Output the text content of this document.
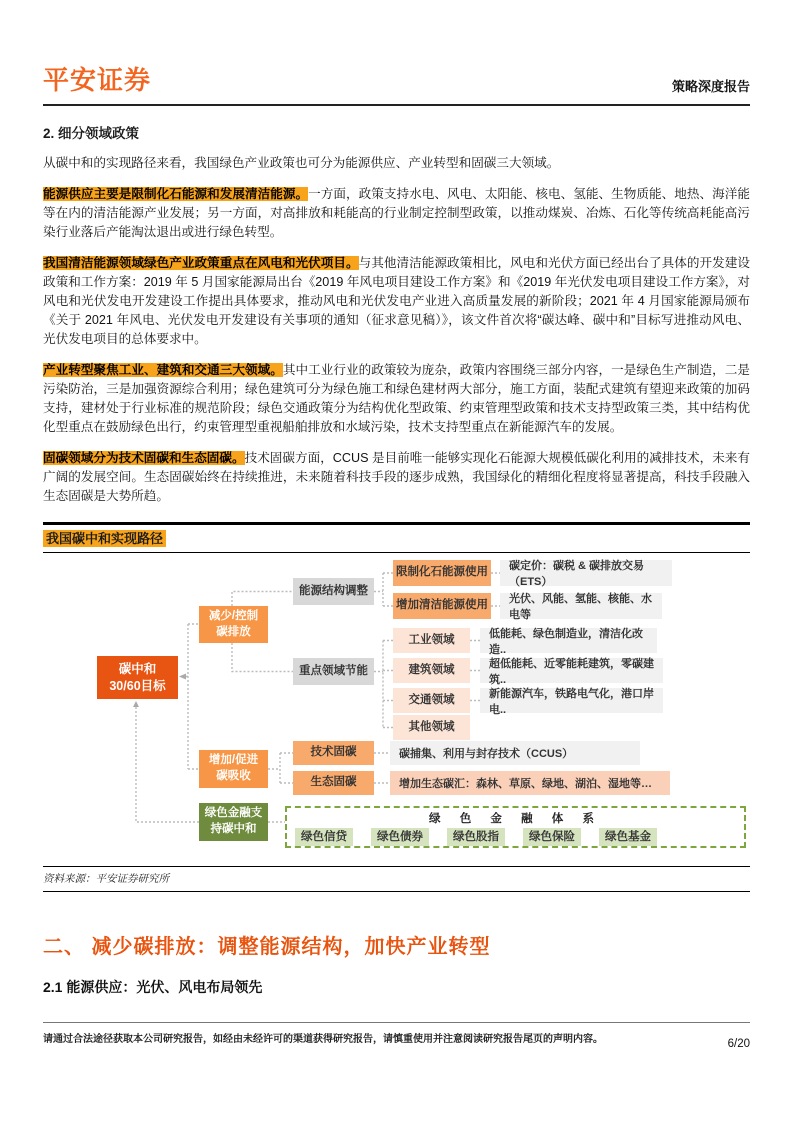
平安证券	策略深度报告
2. 细分领域政策

从碳中和的实现路径来看，我国绿色产业政策也可分为能源供应、产业转型和固碳三大领域。

能源供应主要是限制化石能源和发展清洁能源。一方面，政策支持水电、风电、太阳能、核电、氢能、生物质能、地热、海洋能等在内的清洁能源产业发展；另一方面，对高排放和耗能高的行业制定控制型政策，以推动煤炭、冶炼、石化等传统高耗能高污染行业落后产能淘汰退出或进行绿色转型。

我国清洁能源领域绿色产业政策重点在风电和光伏项目。与其他清洁能源政策相比，风电和光伏方面已经出台了具体的开发建设政策和工作方案：2019 年 5 月国家能源局出台《2019 年风电项目建设工作方案》和《2019 年光伏发电项目建设工作方案》，对风电和光伏发电开发建设工作提出具体要求，推动风电和光伏发电产业进入高质量发展的新阶段；2021 年 4 月国家能源局颁布《关于 2021 年风电、光伏发电开发建设有关事项的通知（征求意见稿）》，该文件首次将“碳达峰、碳中和”目标写进推动风电、光伏发电项目的总体要求中。

产业转型聚焦工业、建筑和交通三大领域。其中工业行业的政策较为庞杂，政策内容围绕三部分内容，一是绿色生产制造，二是污染防治，三是加强资源综合利用；绿色建筑可分为绿色施工和绿色建材两大部分，施工方面，装配式建筑有望迎来政策的加码支持，建材处于行业标准的规范阶段；绿色交通政策分为结构优化型政策、约束管理型政策和技术支持型政策三类，其中结构优化型重点在鼓励绿色出行，约束管理型重视船舶排放和水域污染，技术支持型重点在新能源汽车的发展。

固碳领域分为技术固碳和生态固碳。技术固碳方面，CCUS 是目前唯一能够实现化石能源大规模低碳化利用的减排技术，未来有广阔的发展空间。生态固碳始终在持续推进，未来随着科技手段的逐步成熟，我国绿化的精细化程度将显著提高，科技手段融入生态固碳是大势所趋。

我国碳中和实现路径
碳中和
30/60目标
减少/控制
碳排放
增加/促进
碳吸收
绿色金融支
持碳中和
能源结构调整
重点领域节能
技术固碳
生态固碳
限制化石能源使用
增加清洁能源使用
工业领域
建筑领域
交通领域
其他领域
碳定价：碳税 & 碳排放交易（ETS）
光伏、风能、氢能、核能、水电等
低能耗、绿色制造业，清洁化改造..
超低能耗、近零能耗建筑，零碳建筑..
新能源汽车，铁路电气化，港口岸电..
碳捕集、利用与封存技术（CCUS）
增加生态碳汇：森林、草原、绿地、湖泊、湿地等…
绿 色 金 融 体 系
绿色信贷	绿色债券	绿色股指	绿色保险	绿色基金
资料来源：平安证券研究所
二、 减少碳排放：调整能源结构，加快产业转型
2.1 能源供应：光伏、风电布局领先
请通过合法途径获取本公司研究报告，如经由未经许可的渠道获得研究报告，请慎重使用并注意阅读研究报告尾页的声明内容。	6/20
